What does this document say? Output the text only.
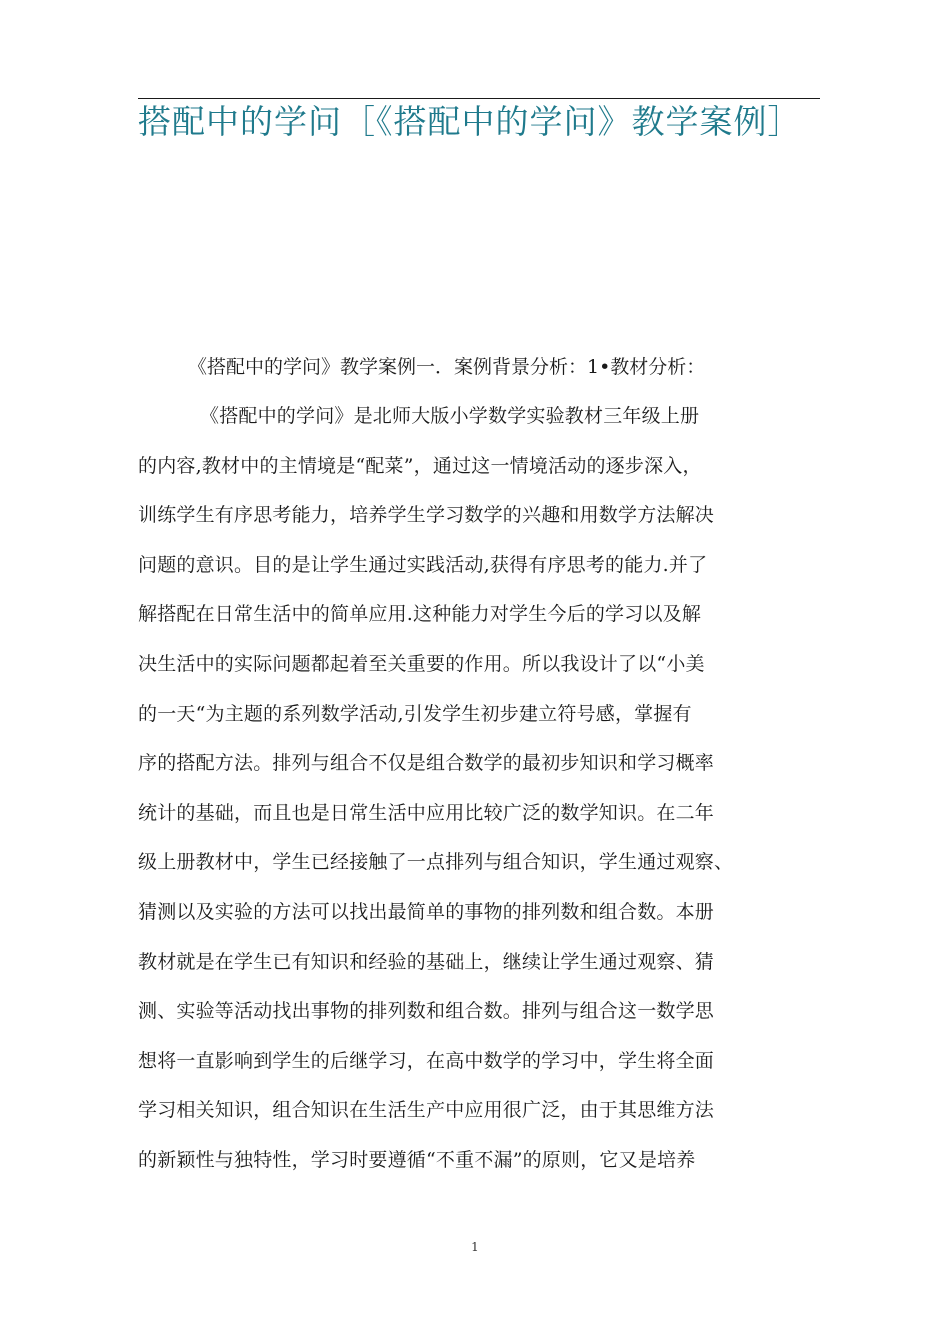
搭配中的学问［《搭配中的学问》教学案例］

《搭配中的学问》教学案例一．案例背景分析：1•教材分析：

《搭配中的学问》是北师大版小学数学实验教材三年级上册
的内容,教材中的主情境是“配菜”，通过这一情境活动的逐步深入，
训练学生有序思考能力，培养学生学习数学的兴趣和用数学方法解决
问题的意识。目的是让学生通过实践活动,获得有序思考的能力.并了
解搭配在日常生活中的简单应用.这种能力对学生今后的学习以及解
决生活中的实际问题都起着至关重要的作用。所以我设计了以“小美
的一天“为主题的系列数学活动,引发学生初步建立符号感，掌握有
序的搭配方法。排列与组合不仅是组合数学的最初步知识和学习概率
统计的基础，而且也是日常生活中应用比较广泛的数学知识。在二年
级上册教材中，学生已经接触了一点排列与组合知识，学生通过观察、
猜测以及实验的方法可以找出最简单的事物的排列数和组合数。本册
教材就是在学生已有知识和经验的基础上，继续让学生通过观察、猜
测、实验等活动找出事物的排列数和组合数。排列与组合这一数学思
想将一直影响到学生的后继学习，在高中数学的学习中，学生将全面
学习相关知识，组合知识在生活生产中应用很广泛，由于其思维方法
的新颖性与独特性，学习时要遵循“不重不漏”的原则，它又是培养
1
